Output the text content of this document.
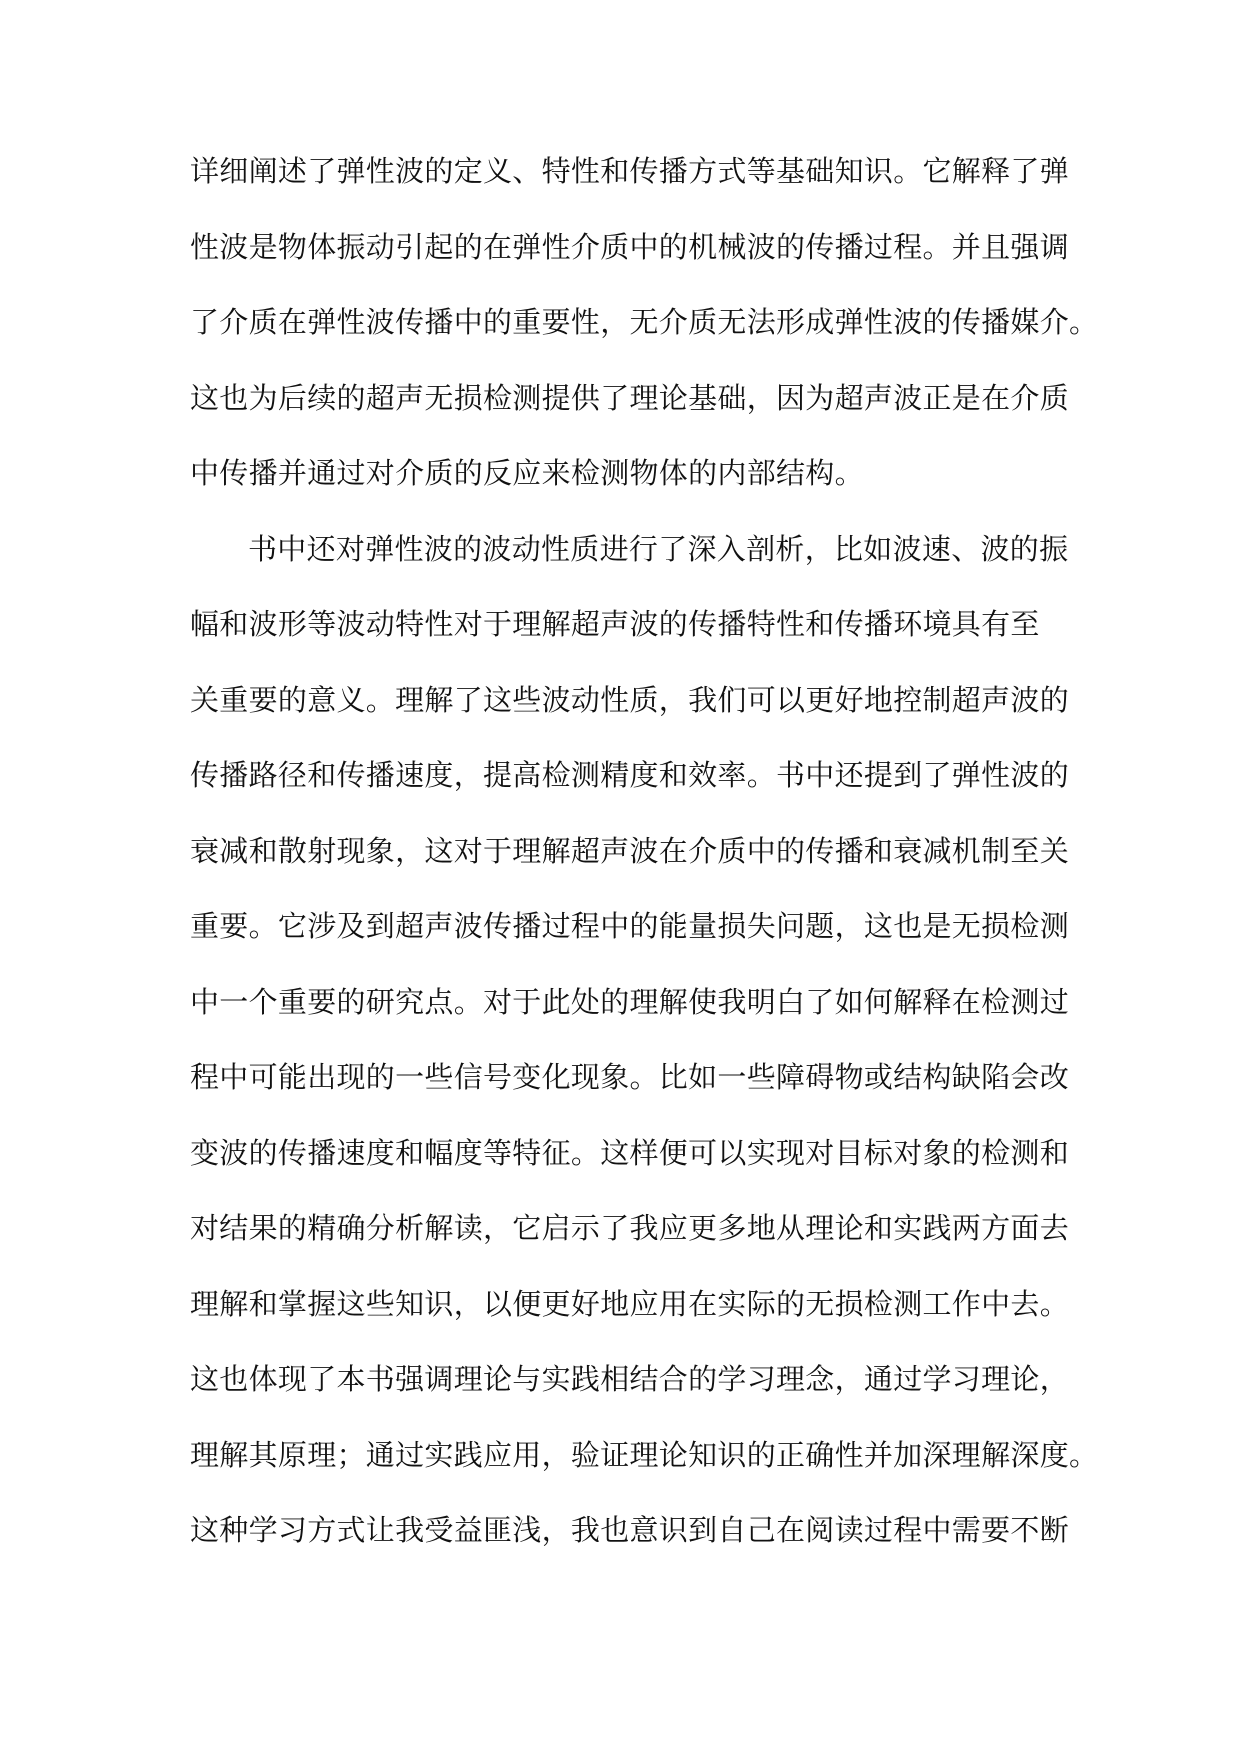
详细阐述了弹性波的定义、特性和传播方式等基础知识。它解释了弹
性波是物体振动引起的在弹性介质中的机械波的传播过程。并且强调
了介质在弹性波传播中的重要性，无介质无法形成弹性波的传播媒介。
这也为后续的超声无损检测提供了理论基础，因为超声波正是在介质
中传播并通过对介质的反应来检测物体的内部结构。
书中还对弹性波的波动性质进行了深入剖析，比如波速、波的振
幅和波形等波动特性对于理解超声波的传播特性和传播环境具有至
关重要的意义。理解了这些波动性质，我们可以更好地控制超声波的
传播路径和传播速度，提高检测精度和效率。书中还提到了弹性波的
衰减和散射现象，这对于理解超声波在介质中的传播和衰减机制至关
重要。它涉及到超声波传播过程中的能量损失问题，这也是无损检测
中一个重要的研究点。对于此处的理解使我明白了如何解释在检测过
程中可能出现的一些信号变化现象。比如一些障碍物或结构缺陷会改
变波的传播速度和幅度等特征。这样便可以实现对目标对象的检测和
对结果的精确分析解读，它启示了我应更多地从理论和实践两方面去
理解和掌握这些知识，以便更好地应用在实际的无损检测工作中去。
这也体现了本书强调理论与实践相结合的学习理念，通过学习理论，
理解其原理；通过实践应用，验证理论知识的正确性并加深理解深度。
这种学习方式让我受益匪浅，我也意识到自己在阅读过程中需要不断
